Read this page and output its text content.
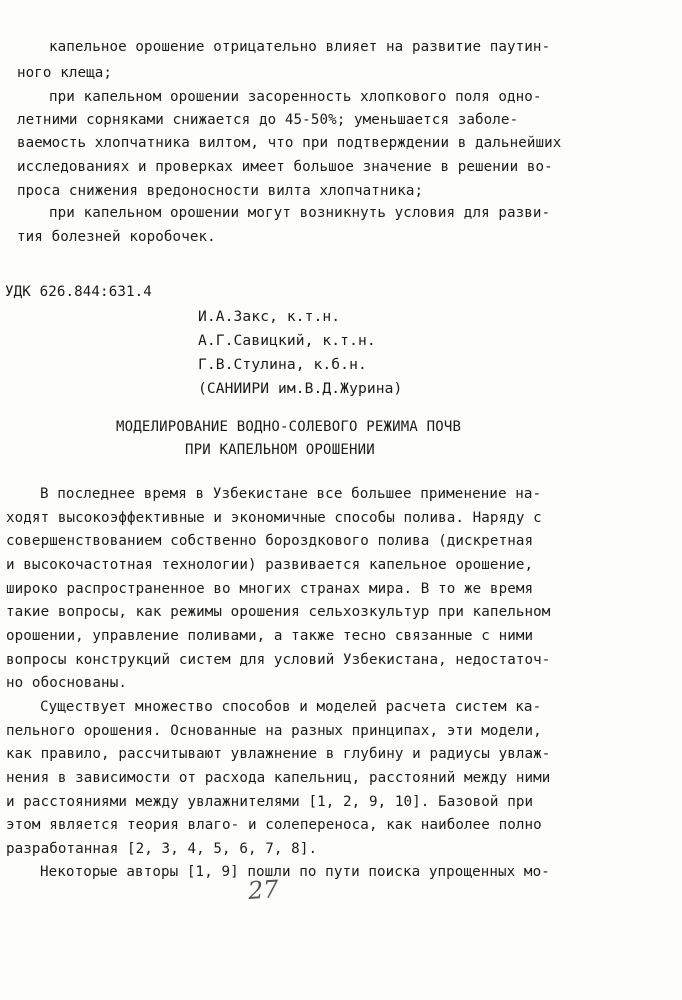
капельное орошение отрицательно влияет на развитие паутин-
ного клеща;
при капельном орошении засоренность хлопкового поля одно-
летними сорняками снижается до 45-50%; уменьшается заболе-
ваемость хлопчатника вилтом, что при подтверждении в дальнейших
исследованиях и проверках имеет большое значение в решении во-
проса снижения вредоносности вилта хлопчатника;
при капельном орошении могут возникнуть условия для разви-
тия болезней коробочек.
УДК 626.844:631.4
И.А.Закс, к.т.н.
А.Г.Савицкий, к.т.н.
Г.В.Стулина, к.б.н.
(САНИИРИ им.В.Д.Журина)
МОДЕЛИРОВАНИЕ ВОДНО-СОЛЕВОГО РЕЖИМА ПОЧВ
ПРИ КАПЕЛЬНОМ ОРОШЕНИИ
В последнее время в Узбекистане все большее применение на-
ходят высокоэффективные и экономичные способы полива. Наряду с
совершенствованием собственно бороздкового полива (дискретная
и высокочастотная технологии) развивается капельное орошение,
широко распространенное во многих странах мира. В то же время
такие вопросы, как режимы орошения сельхозкультур при капельном
орошении, управление поливами, а также тесно связанные с ними
вопросы конструкций систем для условий Узбекистана, недостаточ-
но обоснованы.
Существует множество способов и моделей расчета систем ка-
пельного орошения. Основанные на разных принципах, эти модели,
как правило, рассчитывают увлажнение в глубину и радиусы увлаж-
нения в зависимости от расхода капельниц, расстояний между ними
и расстояниями между увлажнителями [1, 2, 9, 10]. Базовой при
этом является теория влаго- и солепереноса, как наиболее полно
разработанная [2, 3, 4, 5, 6, 7, 8].
Некоторые авторы [1, 9] пошли по пути поиска упрощенных мо-
27
